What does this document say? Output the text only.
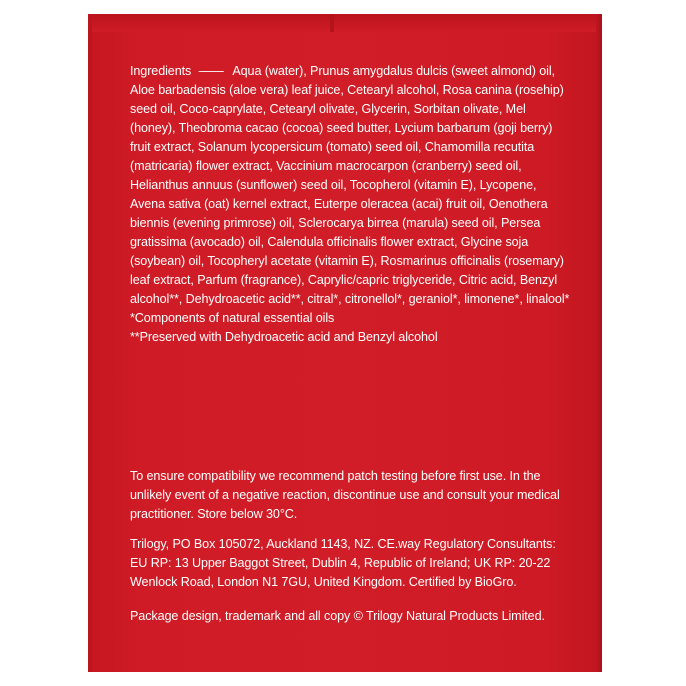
Ingredients —— Aqua (water), Prunus amygdalus dulcis (sweet almond) oil, Aloe barbadensis (aloe vera) leaf juice, Cetearyl alcohol, Rosa canina (rosehip) seed oil, Coco-caprylate, Cetearyl olivate, Glycerin, Sorbitan olivate, Mel (honey), Theobroma cacao (cocoa) seed butter, Lycium barbarum (goji berry) fruit extract, Solanum lycopersicum (tomato) seed oil, Chamomilla recutita (matricaria) flower extract, Vaccinium macrocarpon (cranberry) seed oil, Helianthus annuus (sunflower) seed oil, Tocopherol (vitamin E), Lycopene, Avena sativa (oat) kernel extract, Euterpe oleracea (acai) fruit oil, Oenothera biennis (evening primrose) oil, Sclerocarya birrea (marula) seed oil, Persea gratissima (avocado) oil, Calendula officinalis flower extract, Glycine soja (soybean) oil, Tocopheryl acetate (vitamin E), Rosmarinus officinalis (rosemary) leaf extract, Parfum (fragrance), Caprylic/capric triglyceride, Citric acid, Benzyl alcohol**, Dehydroacetic acid**, citral*, citronellol*, geraniol*, limonene*, linalool*
*Components of natural essential oils
**Preserved with Dehydroacetic acid and Benzyl alcohol
To ensure compatibility we recommend patch testing before first use. In the unlikely event of a negative reaction, discontinue use and consult your medical practitioner. Store below 30°C.
Trilogy, PO Box 105072, Auckland 1143, NZ. CE.way Regulatory Consultants: EU RP: 13 Upper Baggot Street, Dublin 4, Republic of Ireland; UK RP: 20-22 Wenlock Road, London N1 7GU, United Kingdom. Certified by BioGro.
Package design, trademark and all copy © Trilogy Natural Products Limited.
